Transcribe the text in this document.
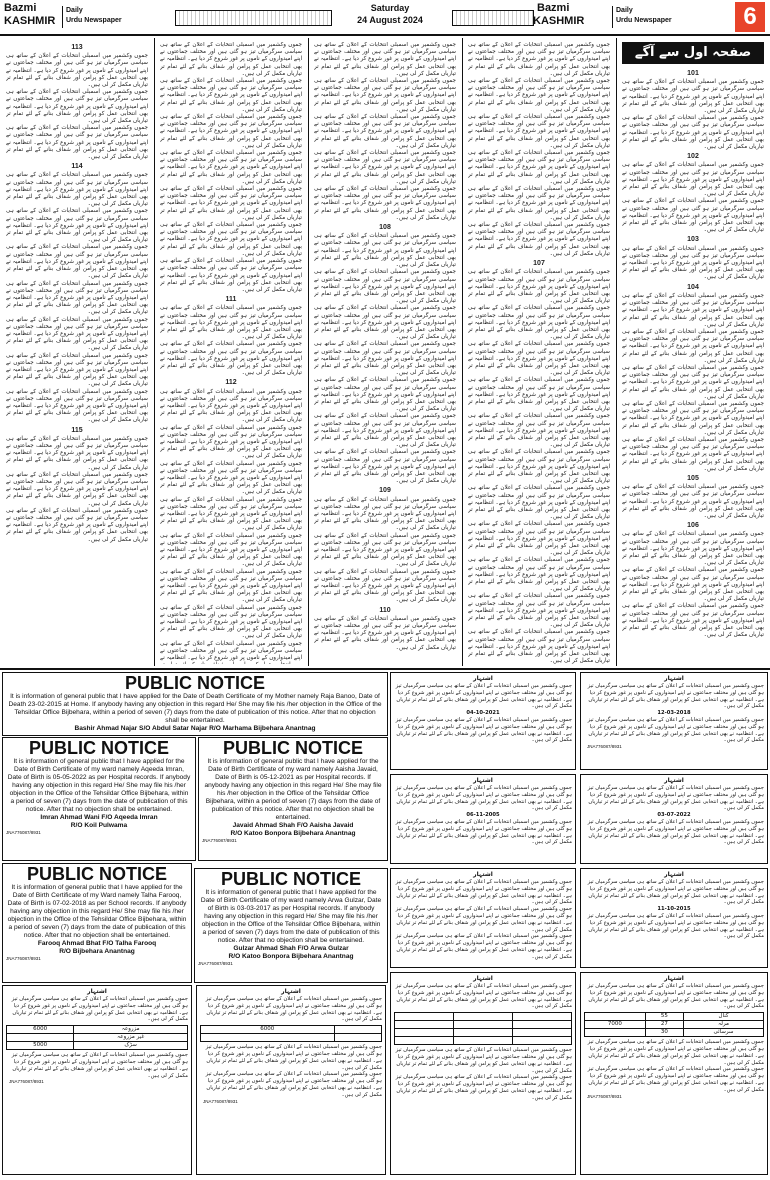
Bazmi
KASHMIR
Daily
Urdu Newspaper
Saturday
24 August 2024
Bazmi
KASHMIR
Daily
Urdu Newspaper	6
صفحہ اول سے آگے
101
جموں وکشمیر میں اسمبلی انتخابات کے اعلان کے ساتھ ہی سیاسی سرگرمیاں تیز ہو گئی ہیں اور مختلف جماعتوں نے اپنے امیدواروں کے ناموں پر غور شروع کر دیا ہے۔ انتظامیہ نے بھی انتخابی عمل کو پرامن اور شفاف بنانے کے لئے تمام تر تیاریاں مکمل کر لی ہیں۔
جموں وکشمیر میں اسمبلی انتخابات کے اعلان کے ساتھ ہی سیاسی سرگرمیاں تیز ہو گئی ہیں اور مختلف جماعتوں نے اپنے امیدواروں کے ناموں پر غور شروع کر دیا ہے۔ انتظامیہ نے بھی انتخابی عمل کو پرامن اور شفاف بنانے کے لئے تمام تر تیاریاں مکمل کر لی ہیں۔
102
جموں وکشمیر میں اسمبلی انتخابات کے اعلان کے ساتھ ہی سیاسی سرگرمیاں تیز ہو گئی ہیں اور مختلف جماعتوں نے اپنے امیدواروں کے ناموں پر غور شروع کر دیا ہے۔ انتظامیہ نے بھی انتخابی عمل کو پرامن اور شفاف بنانے کے لئے تمام تر تیاریاں مکمل کر لی ہیں۔
جموں وکشمیر میں اسمبلی انتخابات کے اعلان کے ساتھ ہی سیاسی سرگرمیاں تیز ہو گئی ہیں اور مختلف جماعتوں نے اپنے امیدواروں کے ناموں پر غور شروع کر دیا ہے۔ انتظامیہ نے بھی انتخابی عمل کو پرامن اور شفاف بنانے کے لئے تمام تر تیاریاں مکمل کر لی ہیں۔
103
جموں وکشمیر میں اسمبلی انتخابات کے اعلان کے ساتھ ہی سیاسی سرگرمیاں تیز ہو گئی ہیں اور مختلف جماعتوں نے اپنے امیدواروں کے ناموں پر غور شروع کر دیا ہے۔ انتظامیہ نے بھی انتخابی عمل کو پرامن اور شفاف بنانے کے لئے تمام تر تیاریاں مکمل کر لی ہیں۔
104
جموں وکشمیر میں اسمبلی انتخابات کے اعلان کے ساتھ ہی سیاسی سرگرمیاں تیز ہو گئی ہیں اور مختلف جماعتوں نے اپنے امیدواروں کے ناموں پر غور شروع کر دیا ہے۔ انتظامیہ نے بھی انتخابی عمل کو پرامن اور شفاف بنانے کے لئے تمام تر تیاریاں مکمل کر لی ہیں۔
جموں وکشمیر میں اسمبلی انتخابات کے اعلان کے ساتھ ہی سیاسی سرگرمیاں تیز ہو گئی ہیں اور مختلف جماعتوں نے اپنے امیدواروں کے ناموں پر غور شروع کر دیا ہے۔ انتظامیہ نے بھی انتخابی عمل کو پرامن اور شفاف بنانے کے لئے تمام تر تیاریاں مکمل کر لی ہیں۔
جموں وکشمیر میں اسمبلی انتخابات کے اعلان کے ساتھ ہی سیاسی سرگرمیاں تیز ہو گئی ہیں اور مختلف جماعتوں نے اپنے امیدواروں کے ناموں پر غور شروع کر دیا ہے۔ انتظامیہ نے بھی انتخابی عمل کو پرامن اور شفاف بنانے کے لئے تمام تر تیاریاں مکمل کر لی ہیں۔
جموں وکشمیر میں اسمبلی انتخابات کے اعلان کے ساتھ ہی سیاسی سرگرمیاں تیز ہو گئی ہیں اور مختلف جماعتوں نے اپنے امیدواروں کے ناموں پر غور شروع کر دیا ہے۔ انتظامیہ نے بھی انتخابی عمل کو پرامن اور شفاف بنانے کے لئے تمام تر تیاریاں مکمل کر لی ہیں۔
جموں وکشمیر میں اسمبلی انتخابات کے اعلان کے ساتھ ہی سیاسی سرگرمیاں تیز ہو گئی ہیں اور مختلف جماعتوں نے اپنے امیدواروں کے ناموں پر غور شروع کر دیا ہے۔ انتظامیہ نے بھی انتخابی عمل کو پرامن اور شفاف بنانے کے لئے تمام تر تیاریاں مکمل کر لی ہیں۔
105
جموں وکشمیر میں اسمبلی انتخابات کے اعلان کے ساتھ ہی سیاسی سرگرمیاں تیز ہو گئی ہیں اور مختلف جماعتوں نے اپنے امیدواروں کے ناموں پر غور شروع کر دیا ہے۔ انتظامیہ نے بھی انتخابی عمل کو پرامن اور شفاف بنانے کے لئے تمام تر تیاریاں مکمل کر لی ہیں۔
106
جموں وکشمیر میں اسمبلی انتخابات کے اعلان کے ساتھ ہی سیاسی سرگرمیاں تیز ہو گئی ہیں اور مختلف جماعتوں نے اپنے امیدواروں کے ناموں پر غور شروع کر دیا ہے۔ انتظامیہ نے بھی انتخابی عمل کو پرامن اور شفاف بنانے کے لئے تمام تر تیاریاں مکمل کر لی ہیں۔
جموں وکشمیر میں اسمبلی انتخابات کے اعلان کے ساتھ ہی سیاسی سرگرمیاں تیز ہو گئی ہیں اور مختلف جماعتوں نے اپنے امیدواروں کے ناموں پر غور شروع کر دیا ہے۔ انتظامیہ نے بھی انتخابی عمل کو پرامن اور شفاف بنانے کے لئے تمام تر تیاریاں مکمل کر لی ہیں۔
جموں وکشمیر میں اسمبلی انتخابات کے اعلان کے ساتھ ہی سیاسی سرگرمیاں تیز ہو گئی ہیں اور مختلف جماعتوں نے اپنے امیدواروں کے ناموں پر غور شروع کر دیا ہے۔ انتظامیہ نے بھی انتخابی عمل کو پرامن اور شفاف بنانے کے لئے تمام تر تیاریاں مکمل کر لی ہیں۔
جموں وکشمیر میں اسمبلی انتخابات کے اعلان کے ساتھ ہی سیاسی سرگرمیاں تیز ہو گئی ہیں اور مختلف جماعتوں نے اپنے امیدواروں کے ناموں پر غور شروع کر دیا ہے۔ انتظامیہ نے بھی انتخابی عمل کو پرامن اور شفاف بنانے کے لئے تمام تر تیاریاں مکمل کر لی ہیں۔
جموں وکشمیر میں اسمبلی انتخابات کے اعلان کے ساتھ ہی سیاسی سرگرمیاں تیز ہو گئی ہیں اور مختلف جماعتوں نے اپنے امیدواروں کے ناموں پر غور شروع کر دیا ہے۔ انتظامیہ نے بھی انتخابی عمل کو پرامن اور شفاف بنانے کے لئے تمام تر تیاریاں مکمل کر لی ہیں۔
جموں وکشمیر میں اسمبلی انتخابات کے اعلان کے ساتھ ہی سیاسی سرگرمیاں تیز ہو گئی ہیں اور مختلف جماعتوں نے اپنے امیدواروں کے ناموں پر غور شروع کر دیا ہے۔ انتظامیہ نے بھی انتخابی عمل کو پرامن اور شفاف بنانے کے لئے تمام تر تیاریاں مکمل کر لی ہیں۔
جموں وکشمیر میں اسمبلی انتخابات کے اعلان کے ساتھ ہی سیاسی سرگرمیاں تیز ہو گئی ہیں اور مختلف جماعتوں نے اپنے امیدواروں کے ناموں پر غور شروع کر دیا ہے۔ انتظامیہ نے بھی انتخابی عمل کو پرامن اور شفاف بنانے کے لئے تمام تر تیاریاں مکمل کر لی ہیں۔
جموں وکشمیر میں اسمبلی انتخابات کے اعلان کے ساتھ ہی سیاسی سرگرمیاں تیز ہو گئی ہیں اور مختلف جماعتوں نے اپنے امیدواروں کے ناموں پر غور شروع کر دیا ہے۔ انتظامیہ نے بھی انتخابی عمل کو پرامن اور شفاف بنانے کے لئے تمام تر تیاریاں مکمل کر لی ہیں۔
جموں وکشمیر میں اسمبلی انتخابات کے اعلان کے ساتھ ہی سیاسی سرگرمیاں تیز ہو گئی ہیں اور مختلف جماعتوں نے اپنے امیدواروں کے ناموں پر غور شروع کر دیا ہے۔ انتظامیہ نے بھی انتخابی عمل کو پرامن اور شفاف بنانے کے لئے تمام تر تیاریاں مکمل کر لی ہیں۔
107
جموں وکشمیر میں اسمبلی انتخابات کے اعلان کے ساتھ ہی سیاسی سرگرمیاں تیز ہو گئی ہیں اور مختلف جماعتوں نے اپنے امیدواروں کے ناموں پر غور شروع کر دیا ہے۔ انتظامیہ نے بھی انتخابی عمل کو پرامن اور شفاف بنانے کے لئے تمام تر تیاریاں مکمل کر لی ہیں۔
جموں وکشمیر میں اسمبلی انتخابات کے اعلان کے ساتھ ہی سیاسی سرگرمیاں تیز ہو گئی ہیں اور مختلف جماعتوں نے اپنے امیدواروں کے ناموں پر غور شروع کر دیا ہے۔ انتظامیہ نے بھی انتخابی عمل کو پرامن اور شفاف بنانے کے لئے تمام تر تیاریاں مکمل کر لی ہیں۔
جموں وکشمیر میں اسمبلی انتخابات کے اعلان کے ساتھ ہی سیاسی سرگرمیاں تیز ہو گئی ہیں اور مختلف جماعتوں نے اپنے امیدواروں کے ناموں پر غور شروع کر دیا ہے۔ انتظامیہ نے بھی انتخابی عمل کو پرامن اور شفاف بنانے کے لئے تمام تر تیاریاں مکمل کر لی ہیں۔
جموں وکشمیر میں اسمبلی انتخابات کے اعلان کے ساتھ ہی سیاسی سرگرمیاں تیز ہو گئی ہیں اور مختلف جماعتوں نے اپنے امیدواروں کے ناموں پر غور شروع کر دیا ہے۔ انتظامیہ نے بھی انتخابی عمل کو پرامن اور شفاف بنانے کے لئے تمام تر تیاریاں مکمل کر لی ہیں۔
جموں وکشمیر میں اسمبلی انتخابات کے اعلان کے ساتھ ہی سیاسی سرگرمیاں تیز ہو گئی ہیں اور مختلف جماعتوں نے اپنے امیدواروں کے ناموں پر غور شروع کر دیا ہے۔ انتظامیہ نے بھی انتخابی عمل کو پرامن اور شفاف بنانے کے لئے تمام تر تیاریاں مکمل کر لی ہیں۔
جموں وکشمیر میں اسمبلی انتخابات کے اعلان کے ساتھ ہی سیاسی سرگرمیاں تیز ہو گئی ہیں اور مختلف جماعتوں نے اپنے امیدواروں کے ناموں پر غور شروع کر دیا ہے۔ انتظامیہ نے بھی انتخابی عمل کو پرامن اور شفاف بنانے کے لئے تمام تر تیاریاں مکمل کر لی ہیں۔
جموں وکشمیر میں اسمبلی انتخابات کے اعلان کے ساتھ ہی سیاسی سرگرمیاں تیز ہو گئی ہیں اور مختلف جماعتوں نے اپنے امیدواروں کے ناموں پر غور شروع کر دیا ہے۔ انتظامیہ نے بھی انتخابی عمل کو پرامن اور شفاف بنانے کے لئے تمام تر تیاریاں مکمل کر لی ہیں۔
جموں وکشمیر میں اسمبلی انتخابات کے اعلان کے ساتھ ہی سیاسی سرگرمیاں تیز ہو گئی ہیں اور مختلف جماعتوں نے اپنے امیدواروں کے ناموں پر غور شروع کر دیا ہے۔ انتظامیہ نے بھی انتخابی عمل کو پرامن اور شفاف بنانے کے لئے تمام تر تیاریاں مکمل کر لی ہیں۔
جموں وکشمیر میں اسمبلی انتخابات کے اعلان کے ساتھ ہی سیاسی سرگرمیاں تیز ہو گئی ہیں اور مختلف جماعتوں نے اپنے امیدواروں کے ناموں پر غور شروع کر دیا ہے۔ انتظامیہ نے بھی انتخابی عمل کو پرامن اور شفاف بنانے کے لئے تمام تر تیاریاں مکمل کر لی ہیں۔
جموں وکشمیر میں اسمبلی انتخابات کے اعلان کے ساتھ ہی سیاسی سرگرمیاں تیز ہو گئی ہیں اور مختلف جماعتوں نے اپنے امیدواروں کے ناموں پر غور شروع کر دیا ہے۔ انتظامیہ نے بھی انتخابی عمل کو پرامن اور شفاف بنانے کے لئے تمام تر تیاریاں مکمل کر لی ہیں۔
جموں وکشمیر میں اسمبلی انتخابات کے اعلان کے ساتھ ہی سیاسی سرگرمیاں تیز ہو گئی ہیں اور مختلف جماعتوں نے اپنے امیدواروں کے ناموں پر غور شروع کر دیا ہے۔ انتظامیہ نے بھی انتخابی عمل کو پرامن اور شفاف بنانے کے لئے تمام تر تیاریاں مکمل کر لی ہیں۔
جموں وکشمیر میں اسمبلی انتخابات کے اعلان کے ساتھ ہی سیاسی سرگرمیاں تیز ہو گئی ہیں اور مختلف جماعتوں نے اپنے امیدواروں کے ناموں پر غور شروع کر دیا ہے۔ انتظامیہ نے بھی انتخابی عمل کو پرامن اور شفاف بنانے کے لئے تمام تر تیاریاں مکمل کر لی ہیں۔
جموں وکشمیر میں اسمبلی انتخابات کے اعلان کے ساتھ ہی سیاسی سرگرمیاں تیز ہو گئی ہیں اور مختلف جماعتوں نے اپنے امیدواروں کے ناموں پر غور شروع کر دیا ہے۔ انتظامیہ نے بھی انتخابی عمل کو پرامن اور شفاف بنانے کے لئے تمام تر تیاریاں مکمل کر لی ہیں۔
جموں وکشمیر میں اسمبلی انتخابات کے اعلان کے ساتھ ہی سیاسی سرگرمیاں تیز ہو گئی ہیں اور مختلف جماعتوں نے اپنے امیدواروں کے ناموں پر غور شروع کر دیا ہے۔ انتظامیہ نے بھی انتخابی عمل کو پرامن اور شفاف بنانے کے لئے تمام تر تیاریاں مکمل کر لی ہیں۔
جموں وکشمیر میں اسمبلی انتخابات کے اعلان کے ساتھ ہی سیاسی سرگرمیاں تیز ہو گئی ہیں اور مختلف جماعتوں نے اپنے امیدواروں کے ناموں پر غور شروع کر دیا ہے۔ انتظامیہ نے بھی انتخابی عمل کو پرامن اور شفاف بنانے کے لئے تمام تر تیاریاں مکمل کر لی ہیں۔
جموں وکشمیر میں اسمبلی انتخابات کے اعلان کے ساتھ ہی سیاسی سرگرمیاں تیز ہو گئی ہیں اور مختلف جماعتوں نے اپنے امیدواروں کے ناموں پر غور شروع کر دیا ہے۔ انتظامیہ نے بھی انتخابی عمل کو پرامن اور شفاف بنانے کے لئے تمام تر تیاریاں مکمل کر لی ہیں۔
108
جموں وکشمیر میں اسمبلی انتخابات کے اعلان کے ساتھ ہی سیاسی سرگرمیاں تیز ہو گئی ہیں اور مختلف جماعتوں نے اپنے امیدواروں کے ناموں پر غور شروع کر دیا ہے۔ انتظامیہ نے بھی انتخابی عمل کو پرامن اور شفاف بنانے کے لئے تمام تر تیاریاں مکمل کر لی ہیں۔
جموں وکشمیر میں اسمبلی انتخابات کے اعلان کے ساتھ ہی سیاسی سرگرمیاں تیز ہو گئی ہیں اور مختلف جماعتوں نے اپنے امیدواروں کے ناموں پر غور شروع کر دیا ہے۔ انتظامیہ نے بھی انتخابی عمل کو پرامن اور شفاف بنانے کے لئے تمام تر تیاریاں مکمل کر لی ہیں۔
جموں وکشمیر میں اسمبلی انتخابات کے اعلان کے ساتھ ہی سیاسی سرگرمیاں تیز ہو گئی ہیں اور مختلف جماعتوں نے اپنے امیدواروں کے ناموں پر غور شروع کر دیا ہے۔ انتظامیہ نے بھی انتخابی عمل کو پرامن اور شفاف بنانے کے لئے تمام تر تیاریاں مکمل کر لی ہیں۔
جموں وکشمیر میں اسمبلی انتخابات کے اعلان کے ساتھ ہی سیاسی سرگرمیاں تیز ہو گئی ہیں اور مختلف جماعتوں نے اپنے امیدواروں کے ناموں پر غور شروع کر دیا ہے۔ انتظامیہ نے بھی انتخابی عمل کو پرامن اور شفاف بنانے کے لئے تمام تر تیاریاں مکمل کر لی ہیں۔
جموں وکشمیر میں اسمبلی انتخابات کے اعلان کے ساتھ ہی سیاسی سرگرمیاں تیز ہو گئی ہیں اور مختلف جماعتوں نے اپنے امیدواروں کے ناموں پر غور شروع کر دیا ہے۔ انتظامیہ نے بھی انتخابی عمل کو پرامن اور شفاف بنانے کے لئے تمام تر تیاریاں مکمل کر لی ہیں۔
جموں وکشمیر میں اسمبلی انتخابات کے اعلان کے ساتھ ہی سیاسی سرگرمیاں تیز ہو گئی ہیں اور مختلف جماعتوں نے اپنے امیدواروں کے ناموں پر غور شروع کر دیا ہے۔ انتظامیہ نے بھی انتخابی عمل کو پرامن اور شفاف بنانے کے لئے تمام تر تیاریاں مکمل کر لی ہیں۔
جموں وکشمیر میں اسمبلی انتخابات کے اعلان کے ساتھ ہی سیاسی سرگرمیاں تیز ہو گئی ہیں اور مختلف جماعتوں نے اپنے امیدواروں کے ناموں پر غور شروع کر دیا ہے۔ انتظامیہ نے بھی انتخابی عمل کو پرامن اور شفاف بنانے کے لئے تمام تر تیاریاں مکمل کر لی ہیں۔
109
جموں وکشمیر میں اسمبلی انتخابات کے اعلان کے ساتھ ہی سیاسی سرگرمیاں تیز ہو گئی ہیں اور مختلف جماعتوں نے اپنے امیدواروں کے ناموں پر غور شروع کر دیا ہے۔ انتظامیہ نے بھی انتخابی عمل کو پرامن اور شفاف بنانے کے لئے تمام تر تیاریاں مکمل کر لی ہیں۔
جموں وکشمیر میں اسمبلی انتخابات کے اعلان کے ساتھ ہی سیاسی سرگرمیاں تیز ہو گئی ہیں اور مختلف جماعتوں نے اپنے امیدواروں کے ناموں پر غور شروع کر دیا ہے۔ انتظامیہ نے بھی انتخابی عمل کو پرامن اور شفاف بنانے کے لئے تمام تر تیاریاں مکمل کر لی ہیں۔
جموں وکشمیر میں اسمبلی انتخابات کے اعلان کے ساتھ ہی سیاسی سرگرمیاں تیز ہو گئی ہیں اور مختلف جماعتوں نے اپنے امیدواروں کے ناموں پر غور شروع کر دیا ہے۔ انتظامیہ نے بھی انتخابی عمل کو پرامن اور شفاف بنانے کے لئے تمام تر تیاریاں مکمل کر لی ہیں۔
110
جموں وکشمیر میں اسمبلی انتخابات کے اعلان کے ساتھ ہی سیاسی سرگرمیاں تیز ہو گئی ہیں اور مختلف جماعتوں نے اپنے امیدواروں کے ناموں پر غور شروع کر دیا ہے۔ انتظامیہ نے بھی انتخابی عمل کو پرامن اور شفاف بنانے کے لئے تمام تر تیاریاں مکمل کر لی ہیں۔
جموں وکشمیر میں اسمبلی انتخابات کے اعلان کے ساتھ ہی سیاسی سرگرمیاں تیز ہو گئی ہیں اور مختلف جماعتوں نے اپنے امیدواروں کے ناموں پر غور شروع کر دیا ہے۔ انتظامیہ نے بھی انتخابی عمل کو پرامن اور شفاف بنانے کے لئے تمام تر تیاریاں مکمل کر لی ہیں۔
جموں وکشمیر میں اسمبلی انتخابات کے اعلان کے ساتھ ہی سیاسی سرگرمیاں تیز ہو گئی ہیں اور مختلف جماعتوں نے اپنے امیدواروں کے ناموں پر غور شروع کر دیا ہے۔ انتظامیہ نے بھی انتخابی عمل کو پرامن اور شفاف بنانے کے لئے تمام تر تیاریاں مکمل کر لی ہیں۔
جموں وکشمیر میں اسمبلی انتخابات کے اعلان کے ساتھ ہی سیاسی سرگرمیاں تیز ہو گئی ہیں اور مختلف جماعتوں نے اپنے امیدواروں کے ناموں پر غور شروع کر دیا ہے۔ انتظامیہ نے بھی انتخابی عمل کو پرامن اور شفاف بنانے کے لئے تمام تر تیاریاں مکمل کر لی ہیں۔
جموں وکشمیر میں اسمبلی انتخابات کے اعلان کے ساتھ ہی سیاسی سرگرمیاں تیز ہو گئی ہیں اور مختلف جماعتوں نے اپنے امیدواروں کے ناموں پر غور شروع کر دیا ہے۔ انتظامیہ نے بھی انتخابی عمل کو پرامن اور شفاف بنانے کے لئے تمام تر تیاریاں مکمل کر لی ہیں۔
جموں وکشمیر میں اسمبلی انتخابات کے اعلان کے ساتھ ہی سیاسی سرگرمیاں تیز ہو گئی ہیں اور مختلف جماعتوں نے اپنے امیدواروں کے ناموں پر غور شروع کر دیا ہے۔ انتظامیہ نے بھی انتخابی عمل کو پرامن اور شفاف بنانے کے لئے تمام تر تیاریاں مکمل کر لی ہیں۔
جموں وکشمیر میں اسمبلی انتخابات کے اعلان کے ساتھ ہی سیاسی سرگرمیاں تیز ہو گئی ہیں اور مختلف جماعتوں نے اپنے امیدواروں کے ناموں پر غور شروع کر دیا ہے۔ انتظامیہ نے بھی انتخابی عمل کو پرامن اور شفاف بنانے کے لئے تمام تر تیاریاں مکمل کر لی ہیں۔
جموں وکشمیر میں اسمبلی انتخابات کے اعلان کے ساتھ ہی سیاسی سرگرمیاں تیز ہو گئی ہیں اور مختلف جماعتوں نے اپنے امیدواروں کے ناموں پر غور شروع کر دیا ہے۔ انتظامیہ نے بھی انتخابی عمل کو پرامن اور شفاف بنانے کے لئے تمام تر تیاریاں مکمل کر لی ہیں۔
111
جموں وکشمیر میں اسمبلی انتخابات کے اعلان کے ساتھ ہی سیاسی سرگرمیاں تیز ہو گئی ہیں اور مختلف جماعتوں نے اپنے امیدواروں کے ناموں پر غور شروع کر دیا ہے۔ انتظامیہ نے بھی انتخابی عمل کو پرامن اور شفاف بنانے کے لئے تمام تر تیاریاں مکمل کر لی ہیں۔
جموں وکشمیر میں اسمبلی انتخابات کے اعلان کے ساتھ ہی سیاسی سرگرمیاں تیز ہو گئی ہیں اور مختلف جماعتوں نے اپنے امیدواروں کے ناموں پر غور شروع کر دیا ہے۔ انتظامیہ نے بھی انتخابی عمل کو پرامن اور شفاف بنانے کے لئے تمام تر تیاریاں مکمل کر لی ہیں۔
112
جموں وکشمیر میں اسمبلی انتخابات کے اعلان کے ساتھ ہی سیاسی سرگرمیاں تیز ہو گئی ہیں اور مختلف جماعتوں نے اپنے امیدواروں کے ناموں پر غور شروع کر دیا ہے۔ انتظامیہ نے بھی انتخابی عمل کو پرامن اور شفاف بنانے کے لئے تمام تر تیاریاں مکمل کر لی ہیں۔
جموں وکشمیر میں اسمبلی انتخابات کے اعلان کے ساتھ ہی سیاسی سرگرمیاں تیز ہو گئی ہیں اور مختلف جماعتوں نے اپنے امیدواروں کے ناموں پر غور شروع کر دیا ہے۔ انتظامیہ نے بھی انتخابی عمل کو پرامن اور شفاف بنانے کے لئے تمام تر تیاریاں مکمل کر لی ہیں۔
جموں وکشمیر میں اسمبلی انتخابات کے اعلان کے ساتھ ہی سیاسی سرگرمیاں تیز ہو گئی ہیں اور مختلف جماعتوں نے اپنے امیدواروں کے ناموں پر غور شروع کر دیا ہے۔ انتظامیہ نے بھی انتخابی عمل کو پرامن اور شفاف بنانے کے لئے تمام تر تیاریاں مکمل کر لی ہیں۔
جموں وکشمیر میں اسمبلی انتخابات کے اعلان کے ساتھ ہی سیاسی سرگرمیاں تیز ہو گئی ہیں اور مختلف جماعتوں نے اپنے امیدواروں کے ناموں پر غور شروع کر دیا ہے۔ انتظامیہ نے بھی انتخابی عمل کو پرامن اور شفاف بنانے کے لئے تمام تر تیاریاں مکمل کر لی ہیں۔
جموں وکشمیر میں اسمبلی انتخابات کے اعلان کے ساتھ ہی سیاسی سرگرمیاں تیز ہو گئی ہیں اور مختلف جماعتوں نے اپنے امیدواروں کے ناموں پر غور شروع کر دیا ہے۔ انتظامیہ نے بھی انتخابی عمل کو پرامن اور شفاف بنانے کے لئے تمام تر تیاریاں مکمل کر لی ہیں۔
جموں وکشمیر میں اسمبلی انتخابات کے اعلان کے ساتھ ہی سیاسی سرگرمیاں تیز ہو گئی ہیں اور مختلف جماعتوں نے اپنے امیدواروں کے ناموں پر غور شروع کر دیا ہے۔ انتظامیہ نے بھی انتخابی عمل کو پرامن اور شفاف بنانے کے لئے تمام تر تیاریاں مکمل کر لی ہیں۔
جموں وکشمیر میں اسمبلی انتخابات کے اعلان کے ساتھ ہی سیاسی سرگرمیاں تیز ہو گئی ہیں اور مختلف جماعتوں نے اپنے امیدواروں کے ناموں پر غور شروع کر دیا ہے۔ انتظامیہ نے بھی انتخابی عمل کو پرامن اور شفاف بنانے کے لئے تمام تر تیاریاں مکمل کر لی ہیں۔
جموں وکشمیر میں اسمبلی انتخابات کے اعلان کے ساتھ ہی سیاسی سرگرمیاں تیز ہو گئی ہیں اور مختلف جماعتوں نے اپنے امیدواروں کے ناموں پر غور شروع کر دیا ہے۔ انتظامیہ نے
113
جموں وکشمیر میں اسمبلی انتخابات کے اعلان کے ساتھ ہی سیاسی سرگرمیاں تیز ہو گئی ہیں اور مختلف جماعتوں نے اپنے امیدواروں کے ناموں پر غور شروع کر دیا ہے۔ انتظامیہ نے بھی انتخابی عمل کو پرامن اور شفاف بنانے کے لئے تمام تر تیاریاں مکمل کر لی ہیں۔
جموں وکشمیر میں اسمبلی انتخابات کے اعلان کے ساتھ ہی سیاسی سرگرمیاں تیز ہو گئی ہیں اور مختلف جماعتوں نے اپنے امیدواروں کے ناموں پر غور شروع کر دیا ہے۔ انتظامیہ نے بھی انتخابی عمل کو پرامن اور شفاف بنانے کے لئے تمام تر تیاریاں مکمل کر لی ہیں۔
جموں وکشمیر میں اسمبلی انتخابات کے اعلان کے ساتھ ہی سیاسی سرگرمیاں تیز ہو گئی ہیں اور مختلف جماعتوں نے اپنے امیدواروں کے ناموں پر غور شروع کر دیا ہے۔ انتظامیہ نے بھی انتخابی عمل کو پرامن اور شفاف بنانے کے لئے تمام تر تیاریاں مکمل کر لی ہیں۔
114
جموں وکشمیر میں اسمبلی انتخابات کے اعلان کے ساتھ ہی سیاسی سرگرمیاں تیز ہو گئی ہیں اور مختلف جماعتوں نے اپنے امیدواروں کے ناموں پر غور شروع کر دیا ہے۔ انتظامیہ نے بھی انتخابی عمل کو پرامن اور شفاف بنانے کے لئے تمام تر تیاریاں مکمل کر لی ہیں۔
جموں وکشمیر میں اسمبلی انتخابات کے اعلان کے ساتھ ہی سیاسی سرگرمیاں تیز ہو گئی ہیں اور مختلف جماعتوں نے اپنے امیدواروں کے ناموں پر غور شروع کر دیا ہے۔ انتظامیہ نے بھی انتخابی عمل کو پرامن اور شفاف بنانے کے لئے تمام تر تیاریاں مکمل کر لی ہیں۔
جموں وکشمیر میں اسمبلی انتخابات کے اعلان کے ساتھ ہی سیاسی سرگرمیاں تیز ہو گئی ہیں اور مختلف جماعتوں نے اپنے امیدواروں کے ناموں پر غور شروع کر دیا ہے۔ انتظامیہ نے بھی انتخابی عمل کو پرامن اور شفاف بنانے کے لئے تمام تر تیاریاں مکمل کر لی ہیں۔
جموں وکشمیر میں اسمبلی انتخابات کے اعلان کے ساتھ ہی سیاسی سرگرمیاں تیز ہو گئی ہیں اور مختلف جماعتوں نے اپنے امیدواروں کے ناموں پر غور شروع کر دیا ہے۔ انتظامیہ نے بھی انتخابی عمل کو پرامن اور شفاف بنانے کے لئے تمام تر تیاریاں مکمل کر لی ہیں۔
جموں وکشمیر میں اسمبلی انتخابات کے اعلان کے ساتھ ہی سیاسی سرگرمیاں تیز ہو گئی ہیں اور مختلف جماعتوں نے اپنے امیدواروں کے ناموں پر غور شروع کر دیا ہے۔ انتظامیہ نے بھی انتخابی عمل کو پرامن اور شفاف بنانے کے لئے تمام تر تیاریاں مکمل کر لی ہیں۔
جموں وکشمیر میں اسمبلی انتخابات کے اعلان کے ساتھ ہی سیاسی سرگرمیاں تیز ہو گئی ہیں اور مختلف جماعتوں نے اپنے امیدواروں کے ناموں پر غور شروع کر دیا ہے۔ انتظامیہ نے بھی انتخابی عمل کو پرامن اور شفاف بنانے کے لئے تمام تر تیاریاں مکمل کر لی ہیں۔
جموں وکشمیر میں اسمبلی انتخابات کے اعلان کے ساتھ ہی سیاسی سرگرمیاں تیز ہو گئی ہیں اور مختلف جماعتوں نے اپنے امیدواروں کے ناموں پر غور شروع کر دیا ہے۔ انتظامیہ نے بھی انتخابی عمل کو پرامن اور شفاف بنانے کے لئے تمام تر تیاریاں مکمل کر لی ہیں۔
115
جموں وکشمیر میں اسمبلی انتخابات کے اعلان کے ساتھ ہی سیاسی سرگرمیاں تیز ہو گئی ہیں اور مختلف جماعتوں نے اپنے امیدواروں کے ناموں پر غور شروع کر دیا ہے۔ انتظامیہ نے بھی انتخابی عمل کو پرامن اور شفاف بنانے کے لئے تمام تر تیاریاں مکمل کر لی ہیں۔
جموں وکشمیر میں اسمبلی انتخابات کے اعلان کے ساتھ ہی سیاسی سرگرمیاں تیز ہو گئی ہیں اور مختلف جماعتوں نے اپنے امیدواروں کے ناموں پر غور شروع کر دیا ہے۔ انتظامیہ نے بھی انتخابی عمل کو پرامن اور شفاف بنانے کے لئے تمام تر تیاریاں مکمل کر لی ہیں۔
جموں وکشمیر میں اسمبلی انتخابات کے اعلان کے ساتھ ہی سیاسی سرگرمیاں تیز ہو گئی ہیں اور مختلف جماعتوں نے اپنے امیدواروں کے ناموں پر غور شروع کر دیا ہے۔ انتظامیہ نے بھی انتخابی عمل کو پرامن اور شفاف بنانے کے لئے تمام تر تیاریاں مکمل کر لی ہیں۔
PUBLIC NOTICE
It is information of general public that I have applied for the Date of Death Certificate of my Mother namely Raja Banoo, Date of Death 23-02-2015 at Home. If anybody having any objection in this regard He/ She may file his /her objection in the Office of the Tehsildar Office Bijbehara, within a period of seven (7) days from the date of publication of this notice. After that no objection shall be entertained.
Bashir Ahmad Najar S/O Abdul Satar Najar R/O Marhama Bijbehara Anantnag
PUBLIC NOTICE
It is information of general public that I have applied for the Date of Birth Certificate of my ward namely Aqeeda Imran, Date of Birth is 05-05-2022 as per Hospital records. If anybody having any objection in this regard He/ She may file his /her objection in the Office of the Tehsildar Office Bijbehara, within a period of seven (7) days from the date of publication of this notice. After that no objection shall be entertained.
Imran Ahmad Wani F/O Aqeeda Imran
R/O Koil Pulwama
JNA776087/8931
PUBLIC NOTICE
It is information of general public that I have applied for the Date of Birth Certificate of my ward namely Aaisha Javaid, Date of Birth is 05-12-2021 as per Hospital records. If anybody having any objection in this regard He/ She may file his /her objection in the Office of the Tehsildar Office Bijbehara, within a period of seven (7) days from the date of publication of this notice. After that no objection shall be entertained.
Javaid Ahmad Shah F/O Aaisha Javaid
R/O Katoo Bonpora Bijbehara Anantnag
JNA776087/8931
PUBLIC NOTICE
It is information of general public that I have applied for the Date of Birth Certificate of my Ward namely Talha Farooq, Date of Birth is 07-02-2018 as per School records. If anybody having any objection in this regard He/ She may file his /her objection in the Office of the Tehsildar Office Bijbehara, within a period of seven (7) days from the date of publication of this notice. After that no objection shall be entertained.
Farooq Ahmad Bhat F/O Talha Farooq
R/O Bijbehara Anantnag
JNA776087/8931
PUBLIC NOTICE
It is information of general public that I have applied for the Date of Birth Certificate of my ward namely Arwa Gulzar, Date of Birth is 03-03-2017 as per Hospital records. If anybody having any objection in this regard He/ She may file his /her objection in the Office of the Tehsildar Office Bijbehara, within a period of seven (7) days from the date of publication of this notice. After that no objection shall be entertained.
Gulzar Ahmad Shah F/O Arwa Gulzar
R/O Katoo Bonpora Bijbehara Anantnag
JNA776087/8931
اشتہار
جموں وکشمیر میں اسمبلی انتخابات کے اعلان کے ساتھ ہی سیاسی سرگرمیاں تیز ہو گئی ہیں اور مختلف جماعتوں نے اپنے امیدواروں کے ناموں پر غور شروع کر دیا ہے۔ انتظامیہ نے بھی انتخابی عمل کو پرامن اور شفاف بنانے کے لئے تمام تر تیاریاں مکمل کر لی ہیں۔
مزروعہ	6000
غیر مزروعہ	
سڑک	5000
جموں وکشمیر میں اسمبلی انتخابات کے اعلان کے ساتھ ہی سیاسی سرگرمیاں تیز ہو گئی ہیں اور مختلف جماعتوں نے اپنے امیدواروں کے ناموں پر غور شروع کر دیا ہے۔ انتظامیہ نے بھی انتخابی عمل کو پرامن اور شفاف بنانے کے لئے تمام تر تیاریاں مکمل کر لی ہیں۔
JNA776087/8931
اشتہار
جموں وکشمیر میں اسمبلی انتخابات کے اعلان کے ساتھ ہی سیاسی سرگرمیاں تیز ہو گئی ہیں اور مختلف جماعتوں نے اپنے امیدواروں کے ناموں پر غور شروع کر دیا ہے۔ انتظامیہ نے بھی انتخابی عمل کو پرامن اور شفاف بنانے کے لئے تمام تر تیاریاں مکمل کر لی ہیں۔
	6000

جموں وکشمیر میں اسمبلی انتخابات کے اعلان کے ساتھ ہی سیاسی سرگرمیاں تیز ہو گئی ہیں اور مختلف جماعتوں نے اپنے امیدواروں کے ناموں پر غور شروع کر دیا ہے۔ انتظامیہ نے بھی انتخابی عمل کو پرامن اور شفاف بنانے کے لئے تمام تر تیاریاں مکمل کر لی ہیں۔
جموں وکشمیر میں اسمبلی انتخابات کے اعلان کے ساتھ ہی سیاسی سرگرمیاں تیز ہو گئی ہیں اور مختلف جماعتوں نے اپنے امیدواروں کے ناموں پر غور شروع کر دیا ہے۔ انتظامیہ نے بھی انتخابی عمل کو پرامن اور شفاف بنانے کے لئے تمام تر تیاریاں مکمل کر لی ہیں۔
JNA776087/8931
اشتہار
جموں وکشمیر میں اسمبلی انتخابات کے اعلان کے ساتھ ہی سیاسی سرگرمیاں تیز ہو گئی ہیں اور مختلف جماعتوں نے اپنے امیدواروں کے ناموں پر غور شروع کر دیا ہے۔ انتظامیہ نے بھی انتخابی عمل کو پرامن اور شفاف بنانے کے لئے تمام تر تیاریاں مکمل کر لی ہیں۔
04-10-2021
جموں وکشمیر میں اسمبلی انتخابات کے اعلان کے ساتھ ہی سیاسی سرگرمیاں تیز ہو گئی ہیں اور مختلف جماعتوں نے اپنے امیدواروں کے ناموں پر غور شروع کر دیا ہے۔ انتظامیہ نے بھی انتخابی عمل کو پرامن اور شفاف بنانے کے لئے تمام تر تیاریاں مکمل کر لی ہیں۔
اشتہار
جموں وکشمیر میں اسمبلی انتخابات کے اعلان کے ساتھ ہی سیاسی سرگرمیاں تیز ہو گئی ہیں اور مختلف جماعتوں نے اپنے امیدواروں کے ناموں پر غور شروع کر دیا ہے۔ انتظامیہ نے بھی انتخابی عمل کو پرامن اور شفاف بنانے کے لئے تمام تر تیاریاں مکمل کر لی ہیں۔
12-03-2018
جموں وکشمیر میں اسمبلی انتخابات کے اعلان کے ساتھ ہی سیاسی سرگرمیاں تیز ہو گئی ہیں اور مختلف جماعتوں نے اپنے امیدواروں کے ناموں پر غور شروع کر دیا ہے۔ انتظامیہ نے بھی انتخابی عمل کو پرامن اور شفاف بنانے کے لئے تمام تر تیاریاں مکمل کر لی ہیں۔
JNA776087/8931
اشتہار
جموں وکشمیر میں اسمبلی انتخابات کے اعلان کے ساتھ ہی سیاسی سرگرمیاں تیز ہو گئی ہیں اور مختلف جماعتوں نے اپنے امیدواروں کے ناموں پر غور شروع کر دیا ہے۔ انتظامیہ نے بھی انتخابی عمل کو پرامن اور شفاف بنانے کے لئے تمام تر تیاریاں مکمل کر لی ہیں۔
06-11-2005
جموں وکشمیر میں اسمبلی انتخابات کے اعلان کے ساتھ ہی سیاسی سرگرمیاں تیز ہو گئی ہیں اور مختلف جماعتوں نے اپنے امیدواروں کے ناموں پر غور شروع کر دیا ہے۔ انتظامیہ نے بھی انتخابی عمل کو پرامن اور شفاف بنانے کے لئے تمام تر تیاریاں مکمل کر لی ہیں۔
اشتہار
جموں وکشمیر میں اسمبلی انتخابات کے اعلان کے ساتھ ہی سیاسی سرگرمیاں تیز ہو گئی ہیں اور مختلف جماعتوں نے اپنے امیدواروں کے ناموں پر غور شروع کر دیا ہے۔ انتظامیہ نے بھی انتخابی عمل کو پرامن اور شفاف بنانے کے لئے تمام تر تیاریاں مکمل کر لی ہیں۔
03-07-2022
جموں وکشمیر میں اسمبلی انتخابات کے اعلان کے ساتھ ہی سیاسی سرگرمیاں تیز ہو گئی ہیں اور مختلف جماعتوں نے اپنے امیدواروں کے ناموں پر غور شروع کر دیا ہے۔ انتظامیہ نے بھی انتخابی عمل کو پرامن اور شفاف بنانے کے لئے تمام تر تیاریاں مکمل کر لی ہیں۔
اشتہار
جموں وکشمیر میں اسمبلی انتخابات کے اعلان کے ساتھ ہی سیاسی سرگرمیاں تیز ہو گئی ہیں اور مختلف جماعتوں نے اپنے امیدواروں کے ناموں پر غور شروع کر دیا ہے۔ انتظامیہ نے بھی انتخابی عمل کو پرامن اور شفاف بنانے کے لئے تمام تر تیاریاں مکمل کر لی ہیں۔
جموں وکشمیر میں اسمبلی انتخابات کے اعلان کے ساتھ ہی سیاسی سرگرمیاں تیز ہو گئی ہیں اور مختلف جماعتوں نے اپنے امیدواروں کے ناموں پر غور شروع کر دیا ہے۔ انتظامیہ نے بھی انتخابی عمل کو پرامن اور شفاف بنانے کے لئے تمام تر تیاریاں مکمل کر لی ہیں۔
جموں وکشمیر میں اسمبلی انتخابات کے اعلان کے ساتھ ہی سیاسی سرگرمیاں تیز ہو گئی ہیں اور مختلف جماعتوں نے اپنے امیدواروں کے ناموں پر غور شروع کر دیا ہے۔ انتظامیہ نے بھی انتخابی عمل کو پرامن اور شفاف بنانے کے لئے تمام تر تیاریاں مکمل کر لی ہیں۔
اشتہار
جموں وکشمیر میں اسمبلی انتخابات کے اعلان کے ساتھ ہی سیاسی سرگرمیاں تیز ہو گئی ہیں اور مختلف جماعتوں نے اپنے امیدواروں کے ناموں پر غور شروع کر دیا ہے۔ انتظامیہ نے بھی انتخابی عمل کو پرامن اور شفاف بنانے کے لئے تمام تر تیاریاں مکمل کر لی ہیں۔
11-10-2015
جموں وکشمیر میں اسمبلی انتخابات کے اعلان کے ساتھ ہی سیاسی سرگرمیاں تیز ہو گئی ہیں اور مختلف جماعتوں نے اپنے امیدواروں کے ناموں پر غور شروع کر دیا ہے۔ انتظامیہ نے بھی انتخابی عمل کو پرامن اور شفاف بنانے کے لئے تمام تر تیاریاں مکمل کر لی ہیں۔
اشتہار
جموں وکشمیر میں اسمبلی انتخابات کے اعلان کے ساتھ ہی سیاسی سرگرمیاں تیز ہو گئی ہیں اور مختلف جماعتوں نے اپنے امیدواروں کے ناموں پر غور شروع کر دیا ہے۔ انتظامیہ نے بھی انتخابی عمل کو پرامن اور شفاف بنانے کے لئے تمام تر تیاریاں مکمل کر لی ہیں۔

جموں وکشمیر میں اسمبلی انتخابات کے اعلان کے ساتھ ہی سیاسی سرگرمیاں تیز ہو گئی ہیں اور مختلف جماعتوں نے اپنے امیدواروں کے ناموں پر غور شروع کر دیا ہے۔ انتظامیہ نے بھی انتخابی عمل کو پرامن اور شفاف بنانے کے لئے تمام تر تیاریاں مکمل کر لی ہیں۔
جموں وکشمیر میں اسمبلی انتخابات کے اعلان کے ساتھ ہی سیاسی سرگرمیاں تیز ہو گئی ہیں اور مختلف جماعتوں نے اپنے امیدواروں کے ناموں پر غور شروع کر دیا ہے۔ انتظامیہ نے بھی انتخابی عمل کو پرامن اور شفاف بنانے کے لئے تمام تر تیاریاں مکمل کر لی ہیں۔
اشتہار
جموں وکشمیر میں اسمبلی انتخابات کے اعلان کے ساتھ ہی سیاسی سرگرمیاں تیز ہو گئی ہیں اور مختلف جماعتوں نے اپنے امیدواروں کے ناموں پر غور شروع کر دیا ہے۔ انتظامیہ نے بھی انتخابی عمل کو پرامن اور شفاف بنانے کے لئے تمام تر تیاریاں مکمل کر لی ہیں۔
کنال	55	
مرلہ	27	7000
سرسائی	30	
جموں وکشمیر میں اسمبلی انتخابات کے اعلان کے ساتھ ہی سیاسی سرگرمیاں تیز ہو گئی ہیں اور مختلف جماعتوں نے اپنے امیدواروں کے ناموں پر غور شروع کر دیا ہے۔ انتظامیہ نے بھی انتخابی عمل کو پرامن اور شفاف بنانے کے لئے تمام تر تیاریاں مکمل کر لی ہیں۔
جموں وکشمیر میں اسمبلی انتخابات کے اعلان کے ساتھ ہی سیاسی سرگرمیاں تیز ہو گئی ہیں اور مختلف جماعتوں نے اپنے امیدواروں کے ناموں پر غور شروع کر دیا ہے۔ انتظامیہ نے بھی انتخابی عمل کو پرامن اور شفاف بنانے کے لئے تمام تر تیاریاں مکمل کر لی ہیں۔
JNA776087/8931
